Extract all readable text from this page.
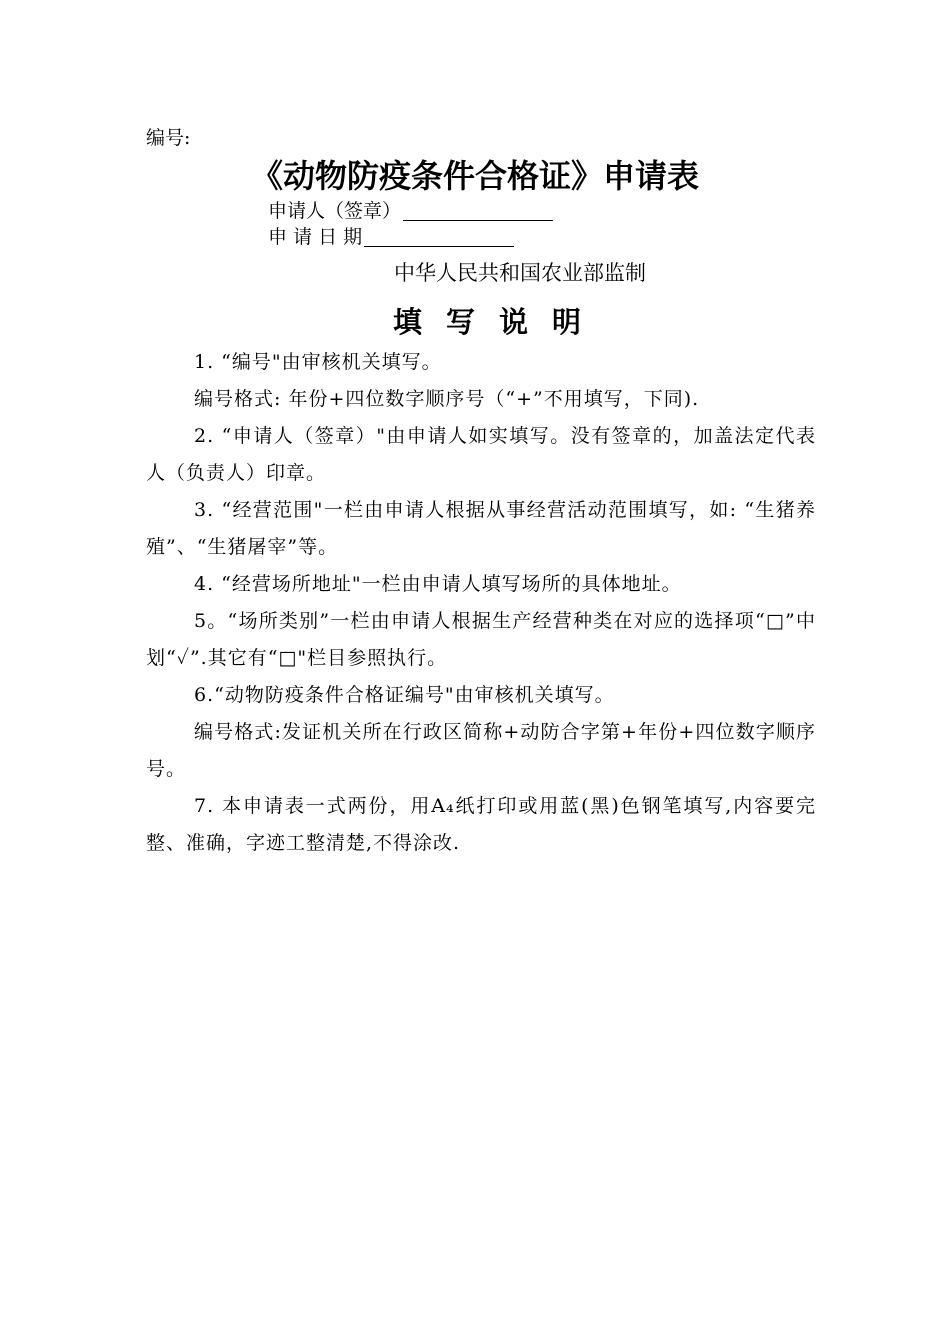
编号:
《动物防疫条件合格证》申请表
申请人（签章）
申 请 日 期
中华人民共和国农业部监制
填写说明

1. “编号"由审核机关填写。

编号格式: 年份+四位数字顺序号（“+”不用填写，下同).

2. “申请人（签章）"由申请人如实填写。没有签章的，加盖法定代表人（负责人）印章。

3. “经营范围"一栏由申请人根据从事经营活动范围填写，如: “生猪养殖”、“生猪屠宰”等。

4. “经营场所地址"一栏由申请人填写场所的具体地址。

5。“场所类别”一栏由申请人根据生产经营种类在对应的选择项“□”中划“✓”.其它有“□"栏目参照执行。

6.“动物防疫条件合格证编号"由审核机关填写。

编号格式:发证机关所在行政区简称+动防合字第+年份+四位数字顺序号。

7. 本申请表一式两份，用A₄纸打印或用蓝(黑)色钢笔填写,内容要完整、准确，字迹工整清楚,不得涂改.
